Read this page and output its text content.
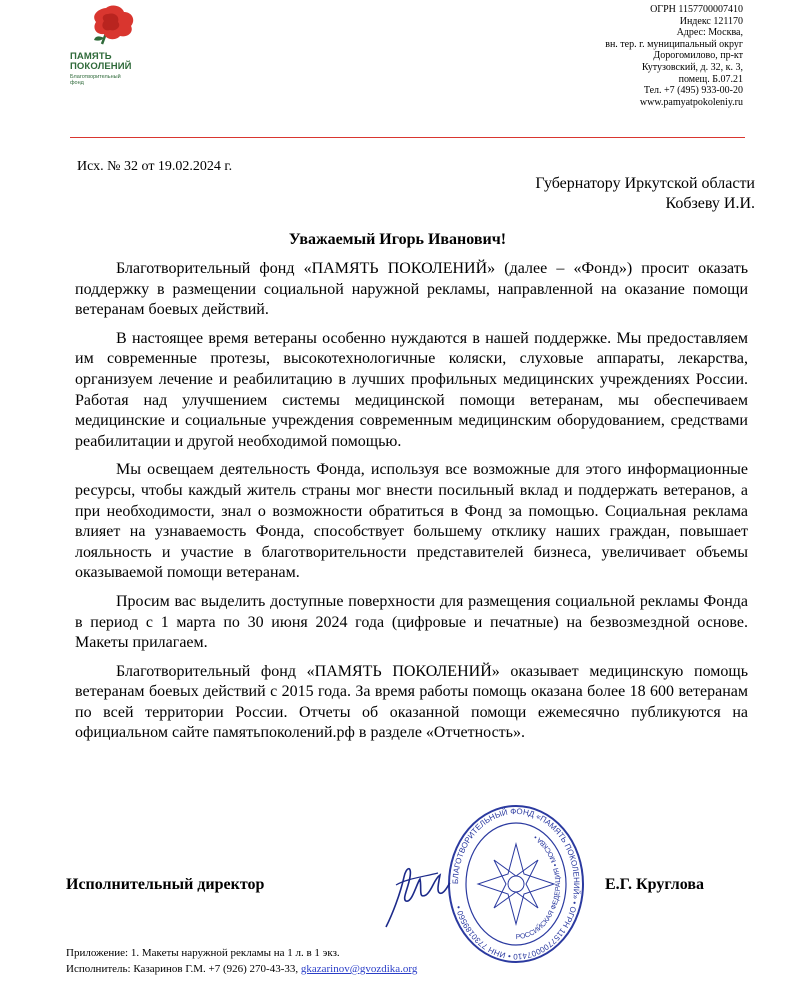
ПАМЯТЬ
ПОКОЛЕНИЙ
Благотворительный
фонд
ОГРН 1157700007410
Индекс 121170
Адрес: Москва,
вн. тер. г. муниципальный округ
Дорогомилово, пр-кт
Кутузовский, д. 32, к. 3,
помещ. Б.07.21
Тел. +7 (495) 933-00-20
www.pamyatpokoleniy.ru
Исх. № 32 от 19.02.2024 г.
Губернатору Иркутской области
Кобзеву И.И.
Уважаемый Игорь Иванович!

Благотворительный фонд «ПАМЯТЬ ПОКОЛЕНИЙ» (далее – «Фонд») просит оказать поддержку в размещении социальной наружной рекламы, направленной на оказание помощи ветеранам боевых действий.

В настоящее время ветераны особенно нуждаются в нашей поддержке. Мы предоставляем им современные протезы, высокотехнологичные коляски, слуховые аппараты, лекарства, организуем лечение и реабилитацию в лучших профильных медицинских учреждениях России. Работая над улучшением системы медицинской помощи ветеранам, мы обеспечиваем медицинские и социальные учреждения современным медицинским оборудованием, средствами реабилитации и другой необходимой помощью.

Мы освещаем деятельность Фонда, используя все возможные для этого информационные ресурсы, чтобы каждый житель страны мог внести посильный вклад и поддержать ветеранов, а при необходимости, знал о возможности обратиться в Фонд за помощью. Социальная реклама влияет на узнаваемость Фонда, способствует большему отклику наших граждан, повышает лояльность и участие в благотворительности представителей бизнеса, увеличивает объемы оказываемой помощи ветеранам.

Просим вас выделить доступные поверхности для размещения социальной рекламы Фонда в период с 1 марта по 30 июня 2024 года (цифровые и печатные) на безвозмездной основе. Макеты прилагаем.

Благотворительный фонд «ПАМЯТЬ ПОКОЛЕНИЙ» оказывает медицинскую помощь ветеранам боевых действий с 2015 года. За время работы помощь оказана более 18 600 ветеранам по всей территории России. Отчеты об оказанной помощи ежемесячно публикуются на официальном сайте памятьпоколений.рф в разделе «Отчетность».

БЛАГОТВОРИТЕЛЬНЫЙ ФОНД «ПАМЯТЬ ПОКОЛЕНИЙ» • ОГРН 1157700007410 • ИНН 7730189560 •
РОССИЙСКАЯ ФЕДЕРАЦИЯ • МОСКВА •
Исполнительный директор	Е.Г. Круглова
Приложение: 1. Макеты наружной рекламы на 1 л. в 1 экз.
Исполнитель: Казаринов Г.М. +7 (926) 270-43-33, gkazarinov@gvozdika.org
